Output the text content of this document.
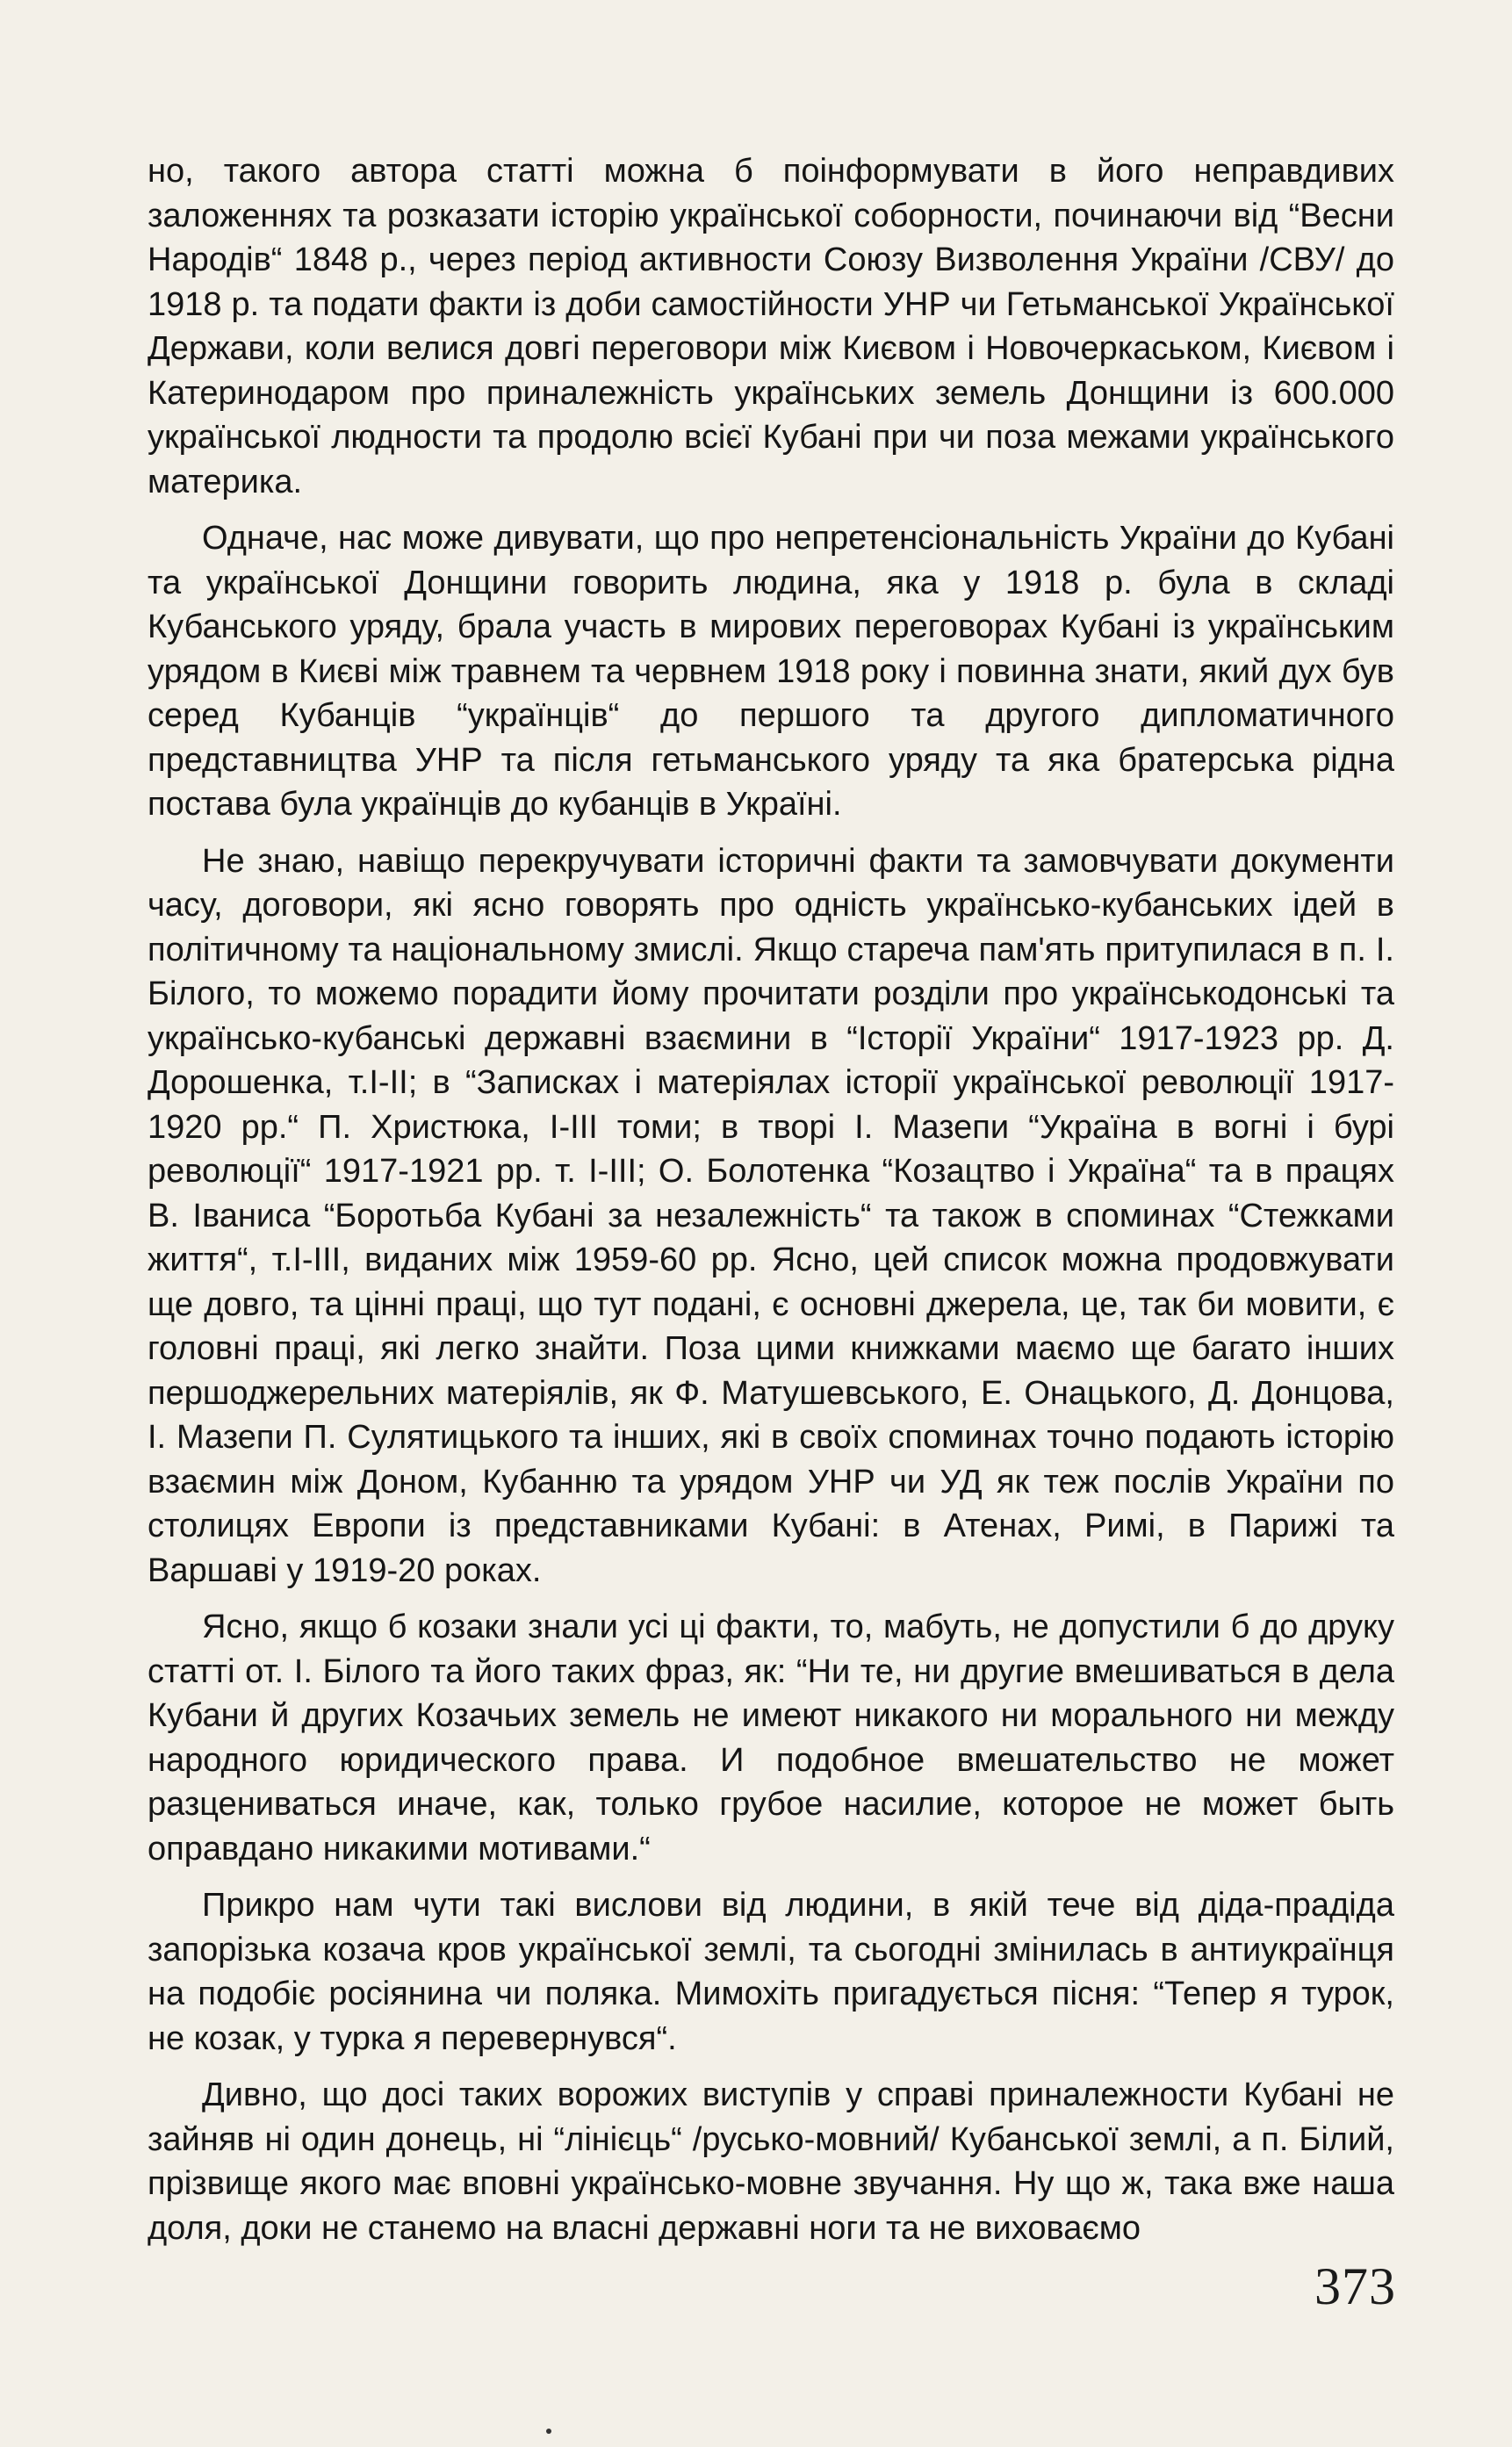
но, такого автора статті можна б поінформувати в його неправдивих заложеннях та розказати історію української соборности, починаючи від “Весни Народів“ 1848 р., через період активности Союзу Визволення України /СВУ/ до 1918 р. та подати факти із доби самостійности УНР чи Гетьманської Української Держави, коли велися довгі переговори між Києвом і Новочеркаськом, Києвом і Катеринодаром про приналежність українських земель Донщини із 600.000 української людности та продолю всієї Кубані при чи поза межами українського материка.

Одначе, нас може дивувати, що про непретенсіональність України до Кубані та української Донщини говорить людина, яка у 1918 р. була в складі Кубанського уряду, брала участь в мирових переговорах Кубані із українським урядом в Києві між травнем та червнем 1918 року і повинна знати, який дух був серед Кубанців “українців“ до першого та другого дипломатичного представництва УНР та після гетьманського уряду та яка братерська рідна постава була українців до кубанців в Україні.

Не знаю, навіщо перекручувати історичні факти та замовчувати документи часу, договори, які ясно говорять про одність українсько-кубанських ідей в політичному та національному змислі. Якщо стареча пам'ять притупилася в п. І. Білого, то можемо порадити йому прочитати розділи про українськодонські та українсько-кубанські державні взаємини в “Історії України“ 1917-1923 рр. Д. Дорошенка, т.І-ІІ; в “Записках і матеріялах історії української революції 1917-1920 рр.“ П. Христюка, І-ІІІ томи; в творі І. Мазепи “Україна в вогні і бурі революції“ 1917-1921 рр. т. І-ІІІ; О. Болотенка “Козацтво і Україна“ та в працях В. Іваниса “Боротьба Кубані за незалежність“ та також в споминах “Стежками життя“, т.І-ІІІ, виданих між 1959-60 рр. Ясно, цей список можна продовжувати ще довго, та цінні праці, що тут подані, є основні джерела, це, так би мовити, є головні праці, які легко знайти. Поза цими книжками маємо ще багато інших першоджерельних матеріялів, як Ф. Матушевського, Е. Онацького, Д. Донцова, І. Мазепи П. Сулятицького та інших, які в своїх споминах точно подають історію взаємин між Доном, Кубанню та урядом УНР чи УД як теж послів України по столицях Европи із представниками Кубані: в Атенах, Римі, в Парижі та Варшаві у 1919-20 роках.

Ясно, якщо б козаки знали усі ці факти, то, мабуть, не допустили б до друку статті от. І. Білого та його таких фраз, як: “Ни те, ни другие вмешиваться в дела Кубани й других Козачьих земель не имеют никакого ни морального ни между народного юридического права. И подобное вмешательство не может разцениваться иначе, как, только грубое насилие, которое не может быть оправдано никакими мотивами.“

Прикро нам чути такі вислови від людини, в якій тече від діда-прадіда запорізька козача кров української землі, та сьогодні змінилась в антиукраїнця на подобіє росіянина чи поляка. Мимохіть пригадується пісня: “Тепер я турок, не козак, у турка я перевернувся“.

Дивно, що досі таких ворожих виступів у справі приналежности Кубані не зайняв ні один донець, ні “лінієць“ /русько-мовний/ Кубанської землі, а п. Білий, прізвище якого має вповні українсько-мовне звучання. Ну що ж, така вже наша доля, доки не станемо на власні державні ноги та не виховаємо

373
